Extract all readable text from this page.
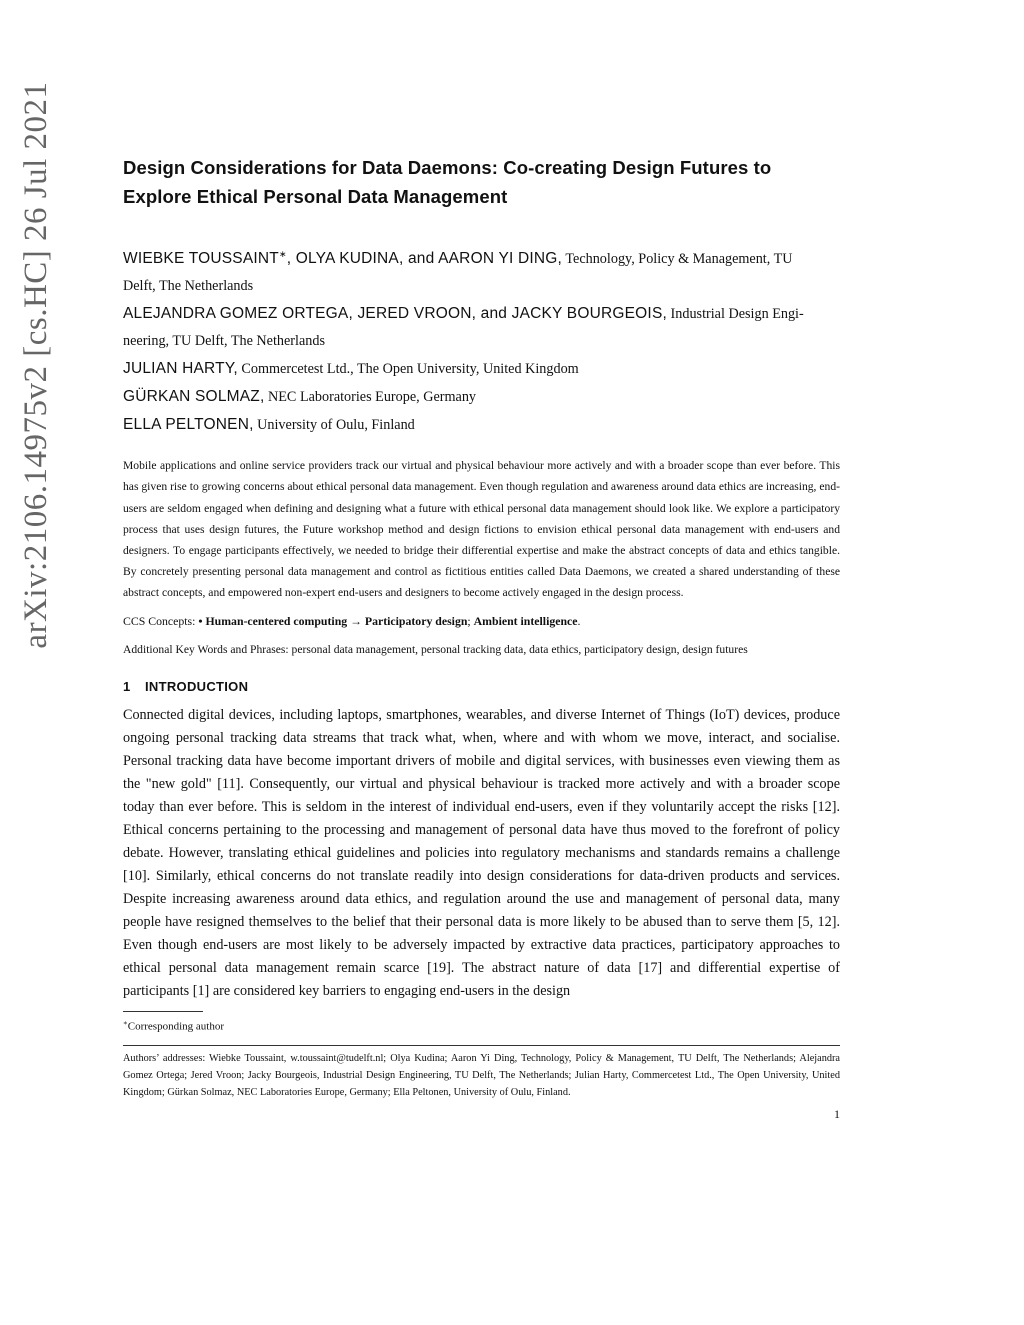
arXiv:2106.14975v2 [cs.HC] 26 Jul 2021	Design Considerations for Data Daemons: Co-creating Design Futures to
Explore Ethical Personal Data Management
WIEBKE TOUSSAINT∗, OLYA KUDINA, and AARON YI DING, Technology, Policy & Management, TU
Delft, The Netherlands
ALEJANDRA GOMEZ ORTEGA, JERED VROON, and JACKY BOURGEOIS, Industrial Design Engi-
neering, TU Delft, The Netherlands
JULIAN HARTY, Commercetest Ltd., The Open University, United Kingdom
GÜRKAN SOLMAZ, NEC Laboratories Europe, Germany
ELLA PELTONEN, University of Oulu, Finland

Mobile applications and online service providers track our virtual and physical behaviour more actively and with a broader scope than ever before. This has given rise to growing concerns about ethical personal data management. Even though regulation and awareness around data ethics are increasing, end-users are seldom engaged when defining and designing what a future with ethical personal data management should look like. We explore a participatory process that uses design futures, the Future workshop method and design fictions to envision ethical personal data management with end-users and designers. To engage participants effectively, we needed to bridge their differential expertise and make the abstract concepts of data and ethics tangible. By concretely presenting personal data management and control as fictitious entities called Data Daemons, we created a shared understanding of these abstract concepts, and empowered non-expert end-users and designers to become actively engaged in the design process.

CCS Concepts: • Human-centered computing → Participatory design; Ambient intelligence.
Additional Key Words and Phrases: personal data management, personal tracking data, data ethics, participatory design, design futures
1 INTRODUCTION

Connected digital devices, including laptops, smartphones, wearables, and diverse Internet of Things (IoT) devices, produce ongoing personal tracking data streams that track what, when, where and with whom we move, interact, and socialise. Personal tracking data have become important drivers of mobile and digital services, with businesses even viewing them as the "new gold" [11]. Consequently, our virtual and physical behaviour is tracked more actively and with a broader scope today than ever before. This is seldom in the interest of individual end-users, even if they voluntarily accept the risks [12]. Ethical concerns pertaining to the processing and management of personal data have thus moved to the forefront of policy debate. However, translating ethical guidelines and policies into regulatory mechanisms and standards remains a challenge [10]. Similarly, ethical concerns do not translate readily into design considerations for data-driven products and services. Despite increasing awareness around data ethics, and regulation around the use and management of personal data, many people have resigned themselves to the belief that their personal data is more likely to be abused than to serve them [5, 12]. Even though end-users are most likely to be adversely impacted by extractive data practices, participatory approaches to ethical personal data management remain scarce [19]. The abstract nature of data [17] and differential expertise of participants [1] are considered key barriers to engaging end-users in the design

∗Corresponding author
Authors’ addresses: Wiebke Toussaint, w.toussaint@tudelft.nl; Olya Kudina; Aaron Yi Ding, Technology, Policy & Management, TU Delft, The Netherlands; Alejandra Gomez Ortega; Jered Vroon; Jacky Bourgeois, Industrial Design Engineering, TU Delft, The Netherlands; Julian Harty, Commercetest Ltd., The Open University, United Kingdom; Gürkan Solmaz, NEC Laboratories Europe, Germany; Ella Peltonen, University of Oulu, Finland.
1
